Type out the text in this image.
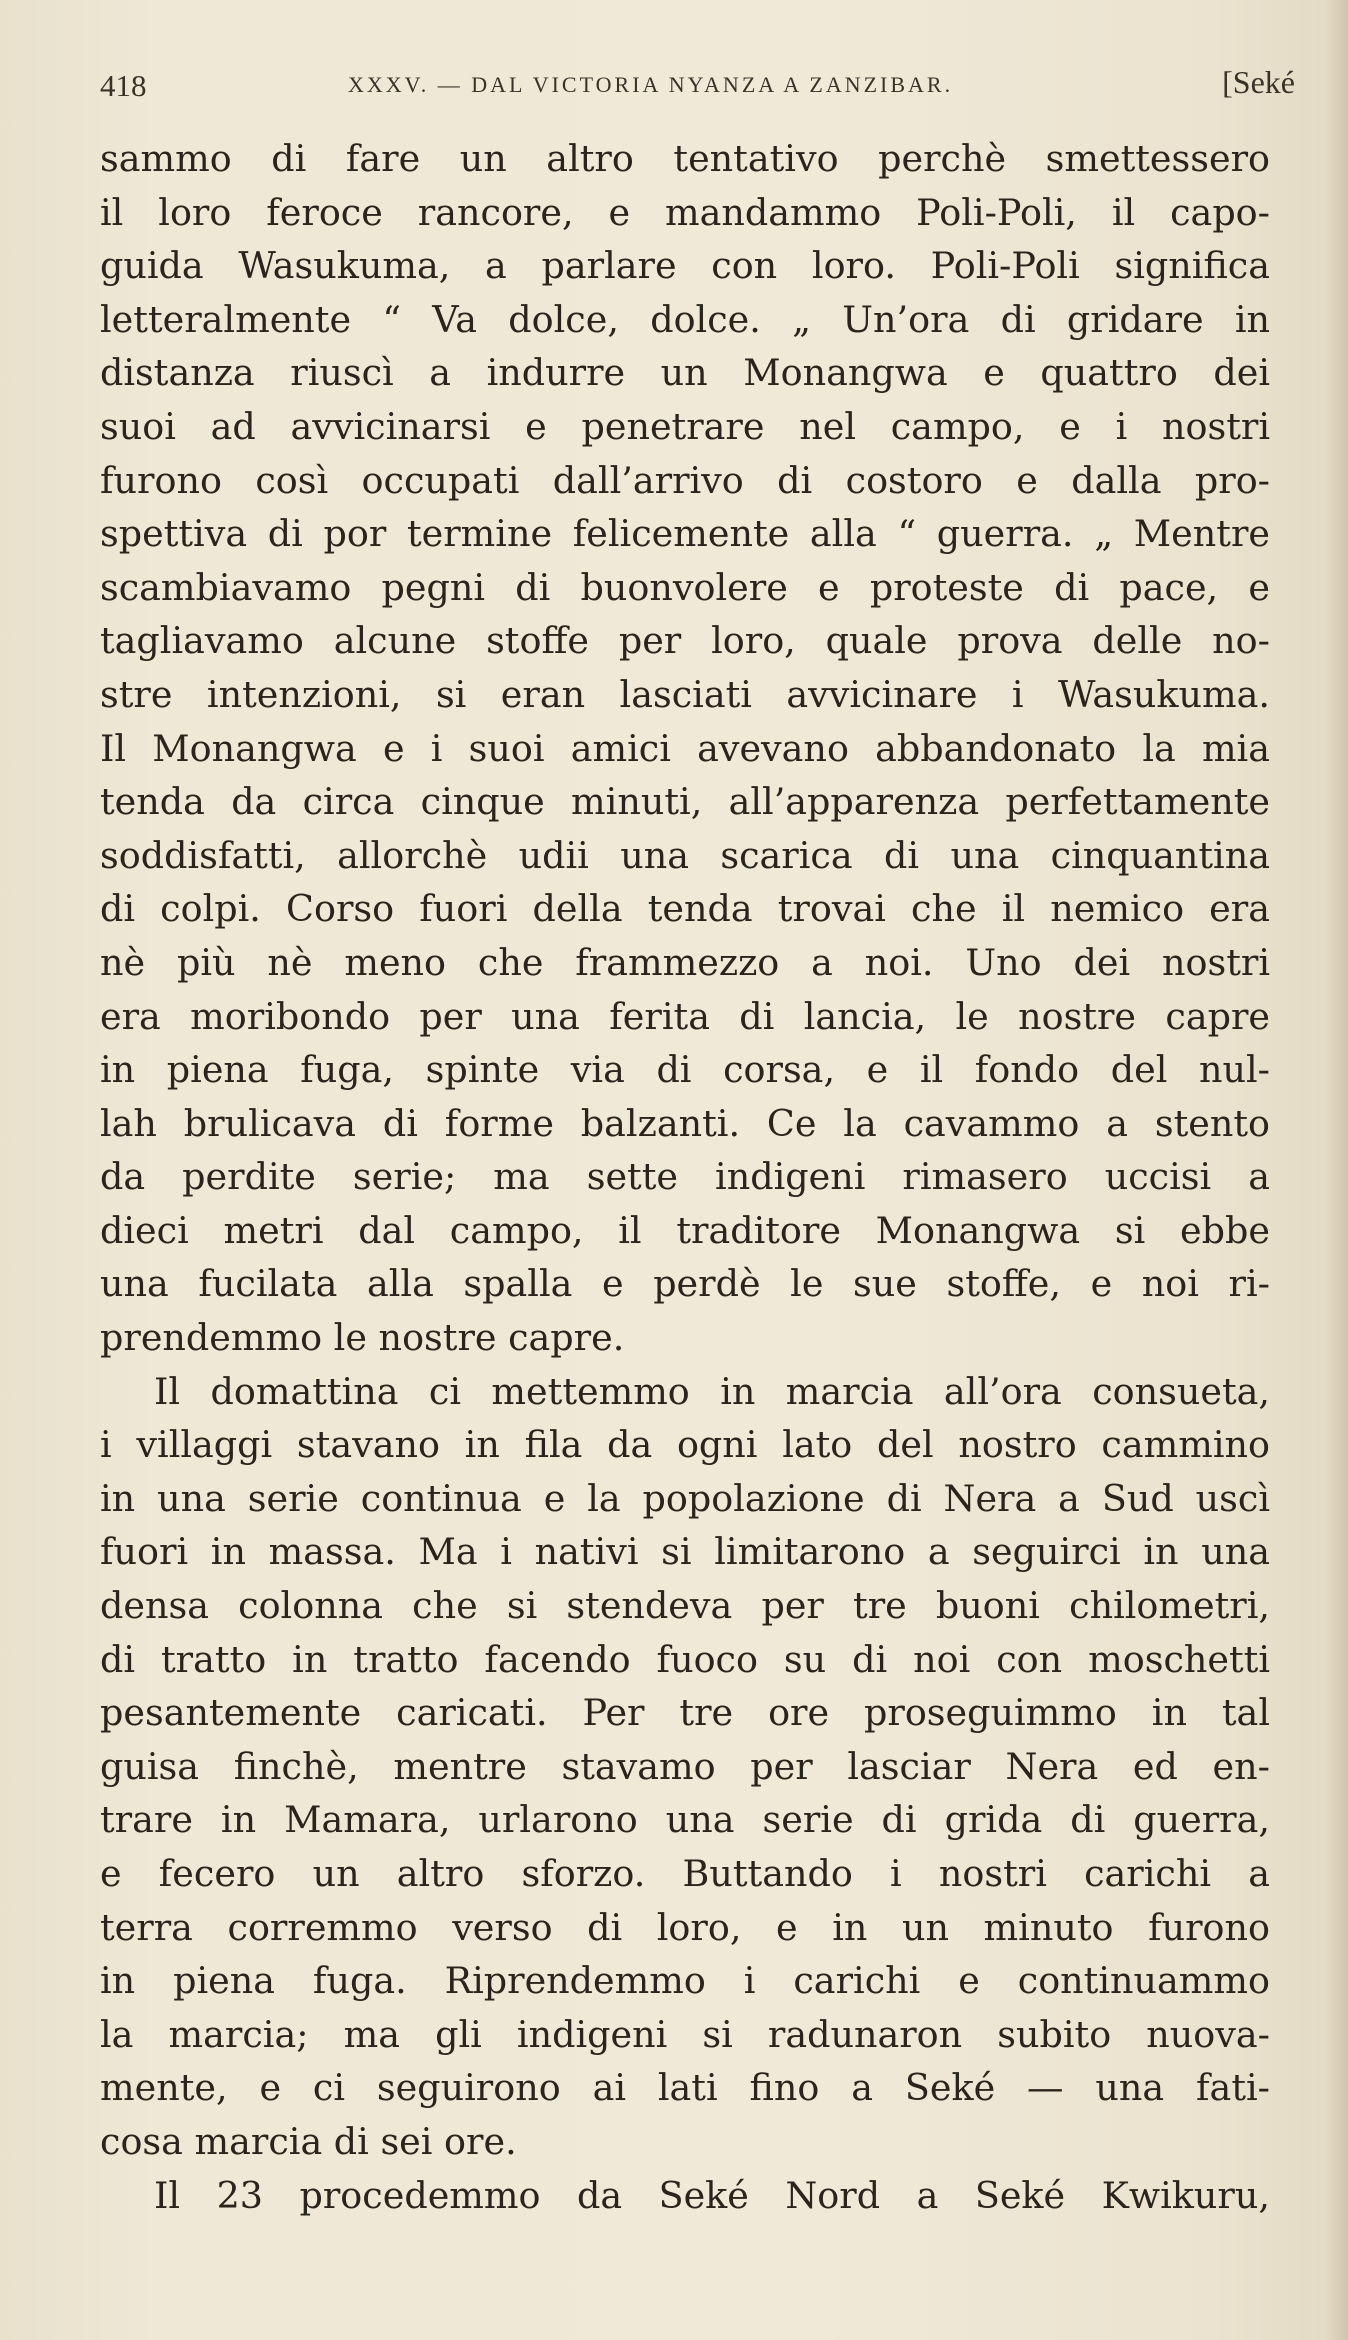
418	XXXV. — DAL VICTORIA NYANZA A ZANZIBAR.	[Seké
sammo di fare un altro tentativo perchè smettessero
il loro feroce rancore, e mandammo Poli-Poli, il capo-
guida Wasukuma, a parlare con loro. Poli-Poli significa
letteralmente “ Va dolce, dolce. „ Un’ora di gridare in
distanza riuscì a indurre un Monangwa e quattro dei
suoi ad avvicinarsi e penetrare nel campo, e i nostri
furono così occupati dall’arrivo di costoro e dalla pro-
spettiva di por termine felicemente alla “ guerra. „ Mentre
scambiavamo pegni di buonvolere e proteste di pace, e
tagliavamo alcune stoffe per loro, quale prova delle no-
stre intenzioni, si eran lasciati avvicinare i Wasukuma.
Il Monangwa e i suoi amici avevano abbandonato la mia
tenda da circa cinque minuti, all’apparenza perfettamente
soddisfatti, allorchè udii una scarica di una cinquantina
di colpi. Corso fuori della tenda trovai che il nemico era
nè più nè meno che frammezzo a noi. Uno dei nostri
era moribondo per una ferita di lancia, le nostre capre
in piena fuga, spinte via di corsa, e il fondo del nul-
lah brulicava di forme balzanti. Ce la cavammo a stento
da perdite serie; ma sette indigeni rimasero uccisi a
dieci metri dal campo, il traditore Monangwa si ebbe
una fucilata alla spalla e perdè le sue stoffe, e noi ri-
prendemmo le nostre capre.
Il domattina ci mettemmo in marcia all’ora consueta,
i villaggi stavano in fila da ogni lato del nostro cammino
in una serie continua e la popolazione di Nera a Sud uscì
fuori in massa. Ma i nativi si limitarono a seguirci in una
densa colonna che si stendeva per tre buoni chilometri,
di tratto in tratto facendo fuoco su di noi con moschetti
pesantemente caricati. Per tre ore proseguimmo in tal
guisa finchè, mentre stavamo per lasciar Nera ed en-
trare in Mamara, urlarono una serie di grida di guerra,
e fecero un altro sforzo. Buttando i nostri carichi a
terra corremmo verso di loro, e in un minuto furono
in piena fuga. Riprendemmo i carichi e continuammo
la marcia; ma gli indigeni si radunaron subito nuova-
mente, e ci seguirono ai lati fino a Seké — una fati-
cosa marcia di sei ore.
Il 23 procedemmo da Seké Nord a Seké Kwikuru,
